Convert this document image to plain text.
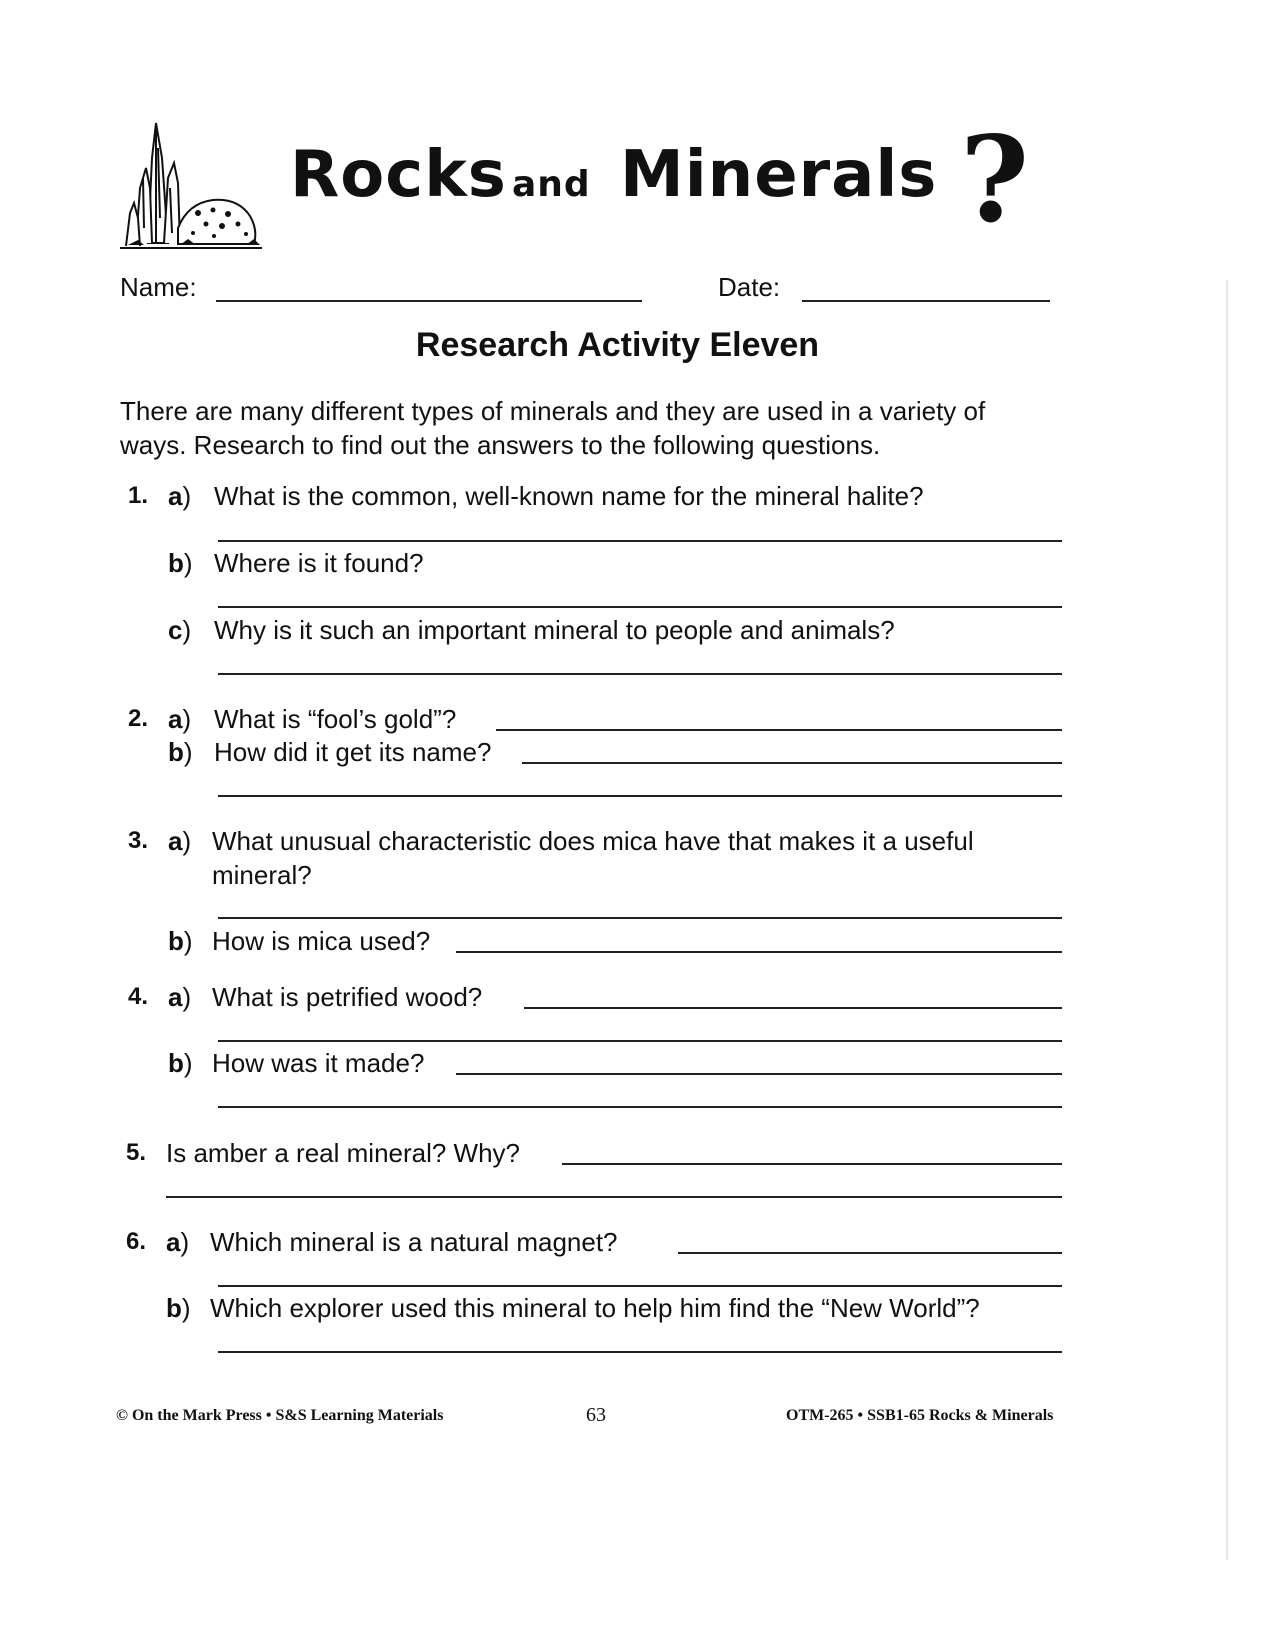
Rocks and Minerals ?
Name:	Date:
Research Activity Eleven
There are many different types of minerals and they are used in a variety of
ways. Research to find out the answers to the following questions.
1. a) What is the common, well-known name for the mineral halite?
b) Where is it found?
c) Why is it such an important mineral to people and animals?
2. a) What is “fool’s gold”?
b) How did it get its name?
3. a) What unusual characteristic does mica have that makes it a useful
mineral?
b) How is mica used?
4. a) What is petrified wood?
b) How was it made?
5. Is amber a real mineral? Why?
6. a) Which mineral is a natural magnet?
b) Which explorer used this mineral to help him find the “New World”?
© On the Mark Press • S&S Learning Materials	63	OTM-265 • SSB1-65 Rocks & Minerals
